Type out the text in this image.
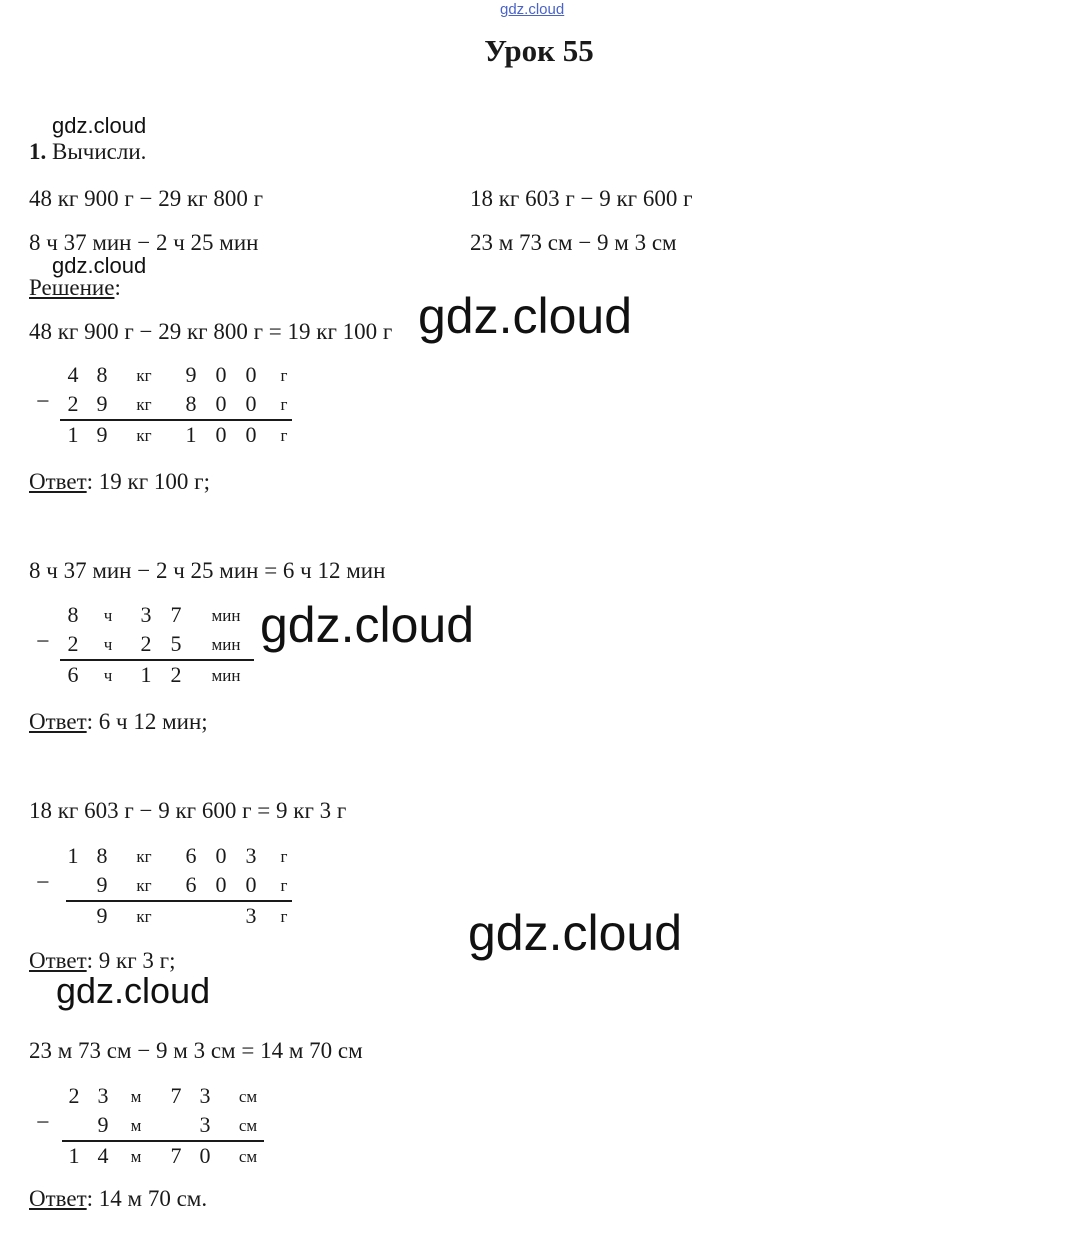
gdz.cloud
gdz.cloud
gdz.cloud
gdz.cloud
gdz.cloud
gdz.cloud
gdz.cloud
Урок 55
1. Вычисли.
48 кг 900 г − 29 кг 800 г	18 кг 603 г − 9 кг 600 г
8 ч 37 мин − 2 ч 25 мин	23 м 73 см − 9 м 3 см
Решение:
48 кг 900 г − 29 кг 800 г = 19 кг 100 г
−
4 8	кг	9 0 0	г
2 9	кг	8 0 0	г
1 9	кг	1 0 0	г
Ответ: 19 кг 100 г;
8 ч 37 мин − 2 ч 25 мин = 6 ч 12 мин
−
8	ч	3 7	мин
2	ч	2 5	мин
6	ч	1 2	мин
Ответ: 6 ч 12 мин;
18 кг 603 г − 9 кг 600 г = 9 кг 3 г
−
1 8	кг	6 0 3	г
9	кг	6 0 0	г
9	кг	3	г
Ответ: 9 кг 3 г;
23 м 73 см − 9 м 3 см = 14 м 70 см
−
2 3	м	7 3	см
9	м	3	см
1 4	м	7 0	см
Ответ: 14 м 70 см.
